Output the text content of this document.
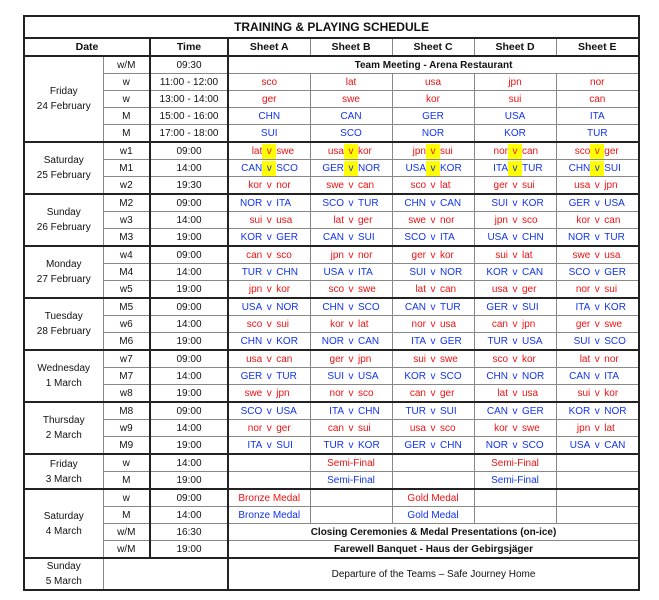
TRAINING & PLAYING SCHEDULE							
Date		Time	Sheet A	Sheet B	Sheet C	Sheet D	Sheet E

Friday
24 February	w/M	09:30	Team Meeting - Arena Restaurant				
	w	11:00 - 12:00	sco	lat	usa	jpn	nor
	w	13:00 - 14:00	ger	swe	kor	sui	can
	M	15:00 - 16:00	CHN	CAN	GER	USA	ITA
	M	17:00 - 18:00	SUI	SCO	NOR	KOR	TUR

Saturday
25 February
	w1	09:00	lat v swe	usa v kor	jpn v sui	nor v can	sco v ger

	M1	14:00	CAN v SCO	GER v NOR	USA v KOR	ITA v TUR	CHN v SUI

	w2	19:30	kor v nor	swe v can	sco v lat	ger v sui	usa v jpn

Sunday
26 February
	M2	09:00	NOR v ITA	SCO v TUR	CHN v CAN	SUI v KOR	GER v USA

	w3	14:00	sui v usa	lat v ger	swe v nor	jpn v sco	kor v can

	M3	19:00	KOR v GER	CAN v SUI	SCO v ITA	USA v CHN	NOR v TUR

Monday
27 February
	w4	09:00	can v sco	jpn v nor	ger v kor	sui v lat	swe v usa

	M4	14:00	TUR v CHN	USA v ITA	SUI v NOR	KOR v CAN	SCO v GER

	w5	19:00	jpn v kor	sco v swe	lat v can	usa v ger	nor v sui

Tuesday
28 February
	M5	09:00	USA v NOR	CHN v SCO	CAN v TUR	GER v SUI	ITA v KOR

	w6	14:00	sco v sui	kor v lat	nor v usa	can v jpn	ger v swe

	M6	19:00	CHN v KOR	NOR v CAN	ITA v GER	TUR v USA	SUI v SCO

Wednesday
1 March
	w7	09:00	usa v can	ger v jpn	sui v swe	sco v kor	lat v nor

	M7	14:00	GER v TUR	SUI v USA	KOR v SCO	CHN v NOR	CAN v ITA

	w8	19:00	swe v jpn	nor v sco	can v ger	lat v usa	sui v kor

Thursday
2 March
	M8	09:00	SCO v USA	ITA v CHN	TUR v SUI	CAN v GER	KOR v NOR

	w9	14:00	nor v ger	can v sui	usa v sco	kor v swe	jpn v lat

	M9	19:00	ITA v SUI	TUR v KOR	GER v CHN	NOR v SCO	USA v CAN

Friday
3 March	w	14:00		Semi-Final		Semi-Final	
	M	19:00		Semi-Final		Semi-Final	

Saturday
4 March	w	09:00	Bronze Medal		Gold Medal		
	M	14:00	Bronze Medal		Gold Medal		
	w/M	16:30	Closing Ceremonies & Medal Presentations (on-ice)				
	w/M	19:00	Farewell Banquet - Haus der Gebirgsjäger				

Sunday
5 March			Departure of the Teams – Safe Journey Home				
